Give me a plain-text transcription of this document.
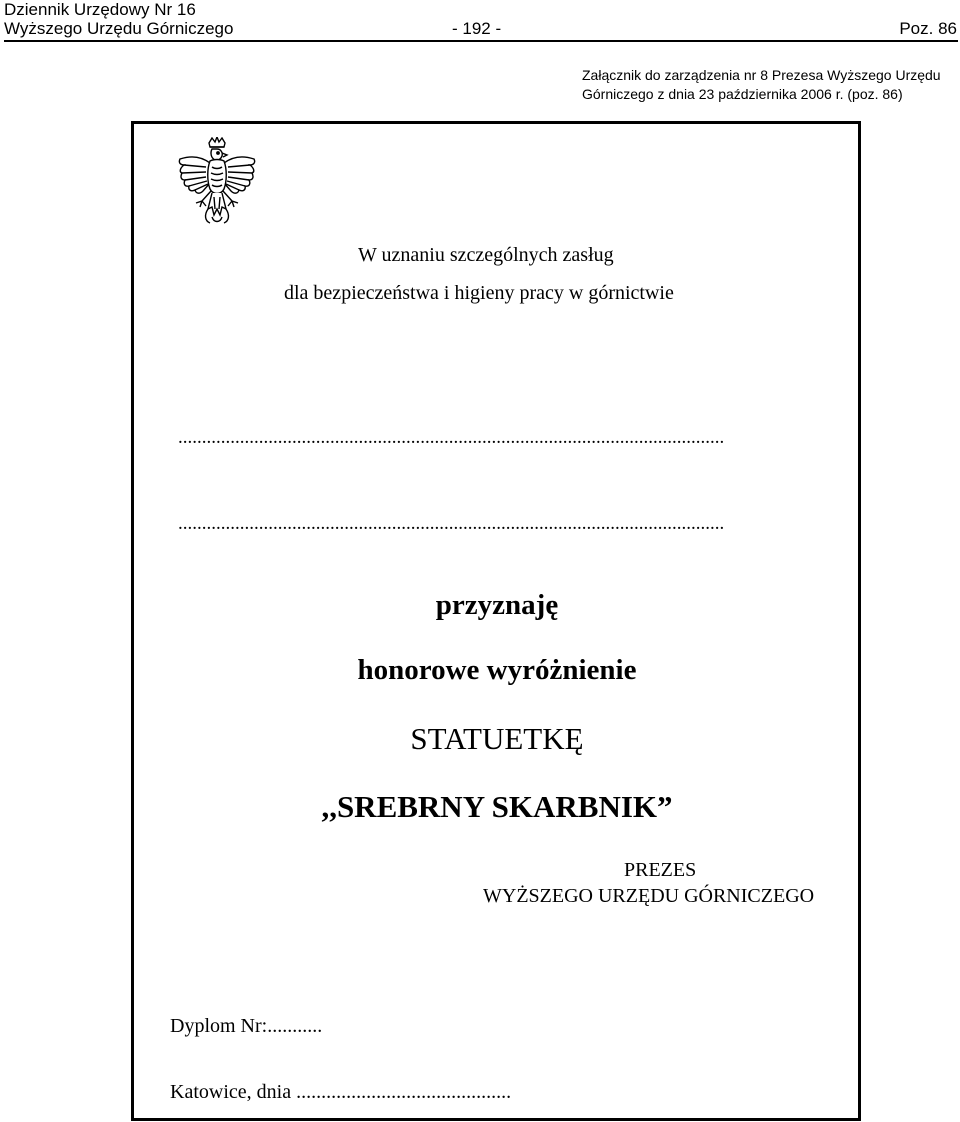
Dziennik Urzędowy Nr 16
Wyższego Urzędu Górniczego	- 192 -	Poz. 86
Załącznik do zarządzenia nr 8 Prezesa Wyższego Urzędu
Górniczego z dnia 23 października 2006 r. (poz. 86)
W uznaniu szczególnych zasług
dla bezpieczeństwa i higieny pracy w górnictwie
...................................................................................................................
...................................................................................................................
przyznaję
honorowe wyróżnienie
STATUETKĘ
,,SREBRNY SKARBNIK”
PREZES
WYŻSZEGO URZĘDU GÓRNICZEGO
Dyplom Nr:...........
Katowice, dnia ...........................................
